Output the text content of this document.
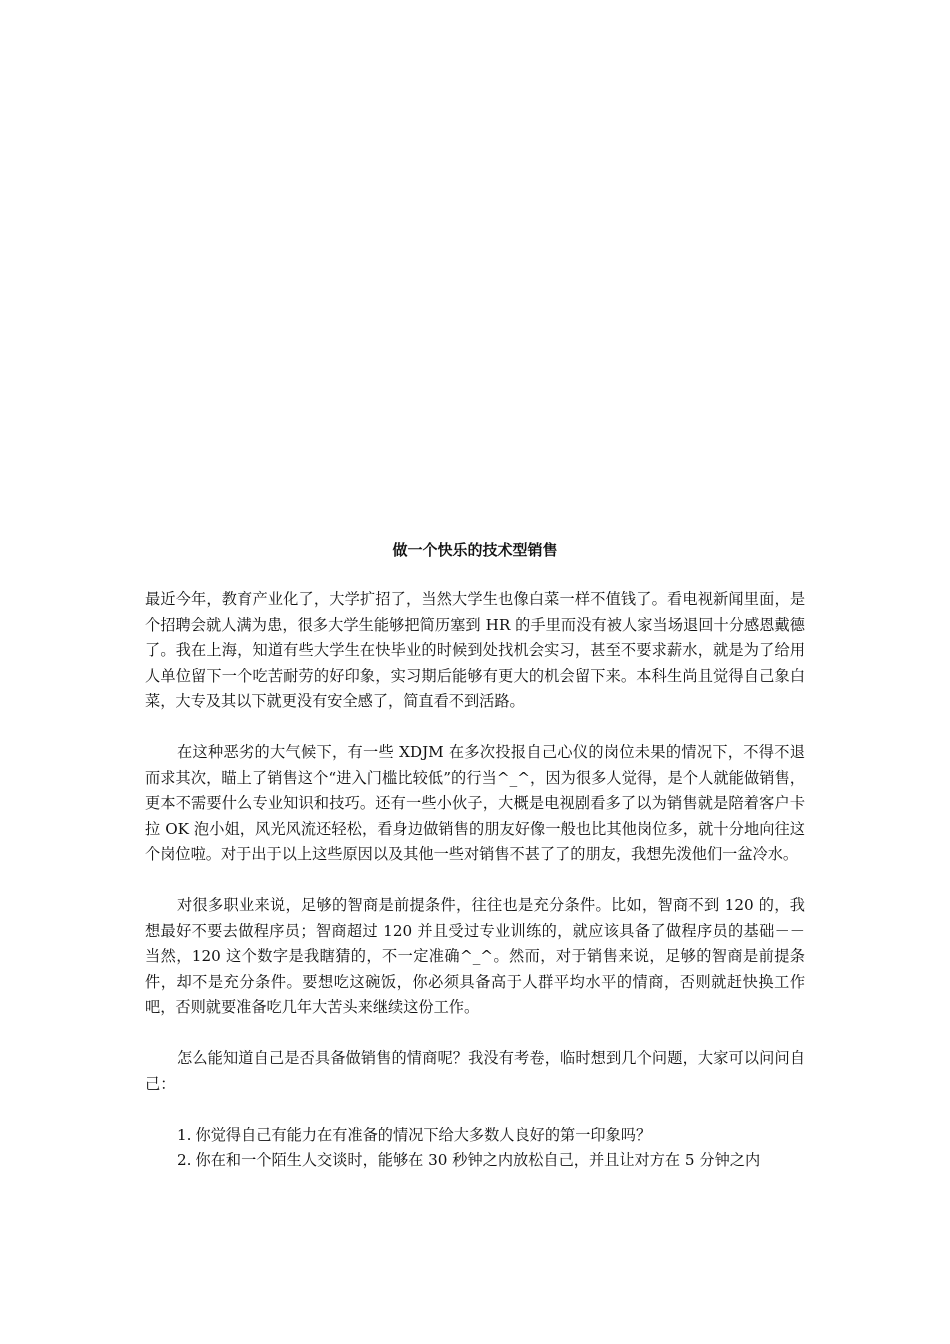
做一个快乐的技术型销售

最近今年，教育产业化了，大学扩招了，当然大学生也像白菜一样不值钱了。看电视新闻里面，是个招聘会就人满为患，很多大学生能够把简历塞到 HR 的手里而没有被人家当场退回十分感恩戴德了。我在上海，知道有些大学生在快毕业的时候到处找机会实习，甚至不要求薪水，就是为了给用人单位留下一个吃苦耐劳的好印象，实习期后能够有更大的机会留下来。本科生尚且觉得自己象白菜，大专及其以下就更没有安全感了，简直看不到活路。

在这种恶劣的大气候下，有一些 XDJM 在多次投报自己心仪的岗位未果的情况下，不得不退而求其次，瞄上了销售这个“进入门槛比较低”的行当^_^，因为很多人觉得，是个人就能做销售，更本不需要什么专业知识和技巧。还有一些小伙子，大概是电视剧看多了以为销售就是陪着客户卡拉 OK 泡小姐，风光风流还轻松，看身边做销售的朋友好像一般也比其他岗位多，就十分地向往这个岗位啦。对于出于以上这些原因以及其他一些对销售不甚了了的朋友，我想先泼他们一盆冷水。

对很多职业来说，足够的智商是前提条件，往往也是充分条件。比如，智商不到 120 的，我想最好不要去做程序员；智商超过 120 并且受过专业训练的，就应该具备了做程序员的基础－－当然，120 这个数字是我瞎猜的，不一定准确^_^。然而，对于销售来说，足够的智商是前提条件，却不是充分条件。要想吃这碗饭，你必须具备高于人群平均水平的情商，否则就赶快换工作吧，否则就要准备吃几年大苦头来继续这份工作。

怎么能知道自己是否具备做销售的情商呢？我没有考卷，临时想到几个问题，大家可以问问自己：

1. 你觉得自己有能力在有准备的情况下给大多数人良好的第一印象吗？
2. 你在和一个陌生人交谈时，能够在 30 秒钟之内放松自己，并且让对方在 5 分钟之内
